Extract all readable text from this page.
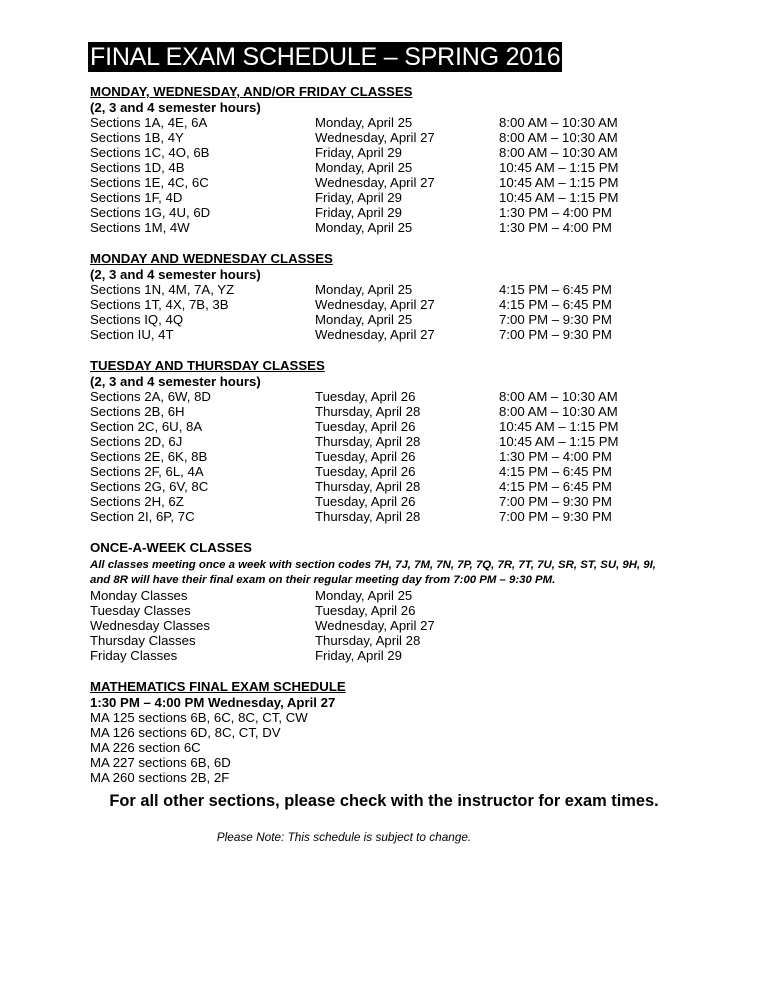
FINAL EXAM SCHEDULE – SPRING 2016
MONDAY, WEDNESDAY, AND/OR FRIDAY CLASSES
(2, 3 and 4 semester hours)
Sections 1A, 4E, 6A	Monday, April 25	8:00 AM – 10:30 AM
Sections 1B, 4Y	Wednesday, April 27	8:00 AM – 10:30 AM
Sections 1C, 4O, 6B	Friday, April 29	8:00 AM – 10:30 AM
Sections 1D, 4B	Monday, April 25	10:45 AM – 1:15 PM
Sections 1E, 4C, 6C	Wednesday, April 27	10:45 AM – 1:15 PM
Sections 1F, 4D	Friday, April 29	10:45 AM – 1:15 PM
Sections 1G, 4U, 6D	Friday, April 29	1:30 PM – 4:00 PM
Sections 1M, 4W	Monday, April 25	1:30 PM – 4:00 PM
MONDAY AND WEDNESDAY CLASSES
(2, 3 and 4 semester hours)
Sections 1N, 4M, 7A, YZ	Monday, April 25	4:15 PM – 6:45 PM
Sections 1T, 4X, 7B, 3B	Wednesday, April 27	4:15 PM – 6:45 PM
Sections IQ, 4Q	Monday, April 25	7:00 PM – 9:30 PM
Section IU, 4T	Wednesday, April 27	7:00 PM – 9:30 PM
TUESDAY AND THURSDAY CLASSES
(2, 3 and 4 semester hours)
Sections 2A, 6W, 8D	Tuesday, April 26	8:00 AM – 10:30 AM
Sections 2B, 6H	Thursday, April 28	8:00 AM – 10:30 AM
Section 2C, 6U, 8A	Tuesday, April 26	10:45 AM – 1:15 PM
Sections 2D, 6J	Thursday, April 28	10:45 AM – 1:15 PM
Sections 2E, 6K, 8B	Tuesday, April 26	1:30 PM – 4:00 PM
Sections 2F, 6L, 4A	Tuesday, April 26	4:15 PM – 6:45 PM
Sections 2G, 6V, 8C	Thursday, April 28	4:15 PM – 6:45 PM
Sections 2H, 6Z	Tuesday, April 26	7:00 PM – 9:30 PM
Section 2I, 6P, 7C	Thursday, April 28	7:00 PM – 9:30 PM
ONCE-A-WEEK CLASSES
All classes meeting once a week with section codes 7H, 7J, 7M, 7N, 7P, 7Q, 7R, 7T, 7U, SR, ST, SU, 9H, 9I,
and 8R will have their final exam on their regular meeting day from 7:00 PM – 9:30 PM.
Monday Classes	Monday, April 25
Tuesday Classes	Tuesday, April 26
Wednesday Classes	Wednesday, April 27
Thursday Classes	Thursday, April 28
Friday Classes	Friday, April 29
MATHEMATICS FINAL EXAM SCHEDULE
1:30 PM – 4:00 PM Wednesday, April 27
MA 125 sections 6B, 6C, 8C, CT, CW
MA 126 sections 6D, 8C, CT, DV
MA 226 section 6C
MA 227 sections 6B, 6D
MA 260 sections 2B, 2F
For all other sections, please check with the instructor for exam times.
Please Note: This schedule is subject to change.
